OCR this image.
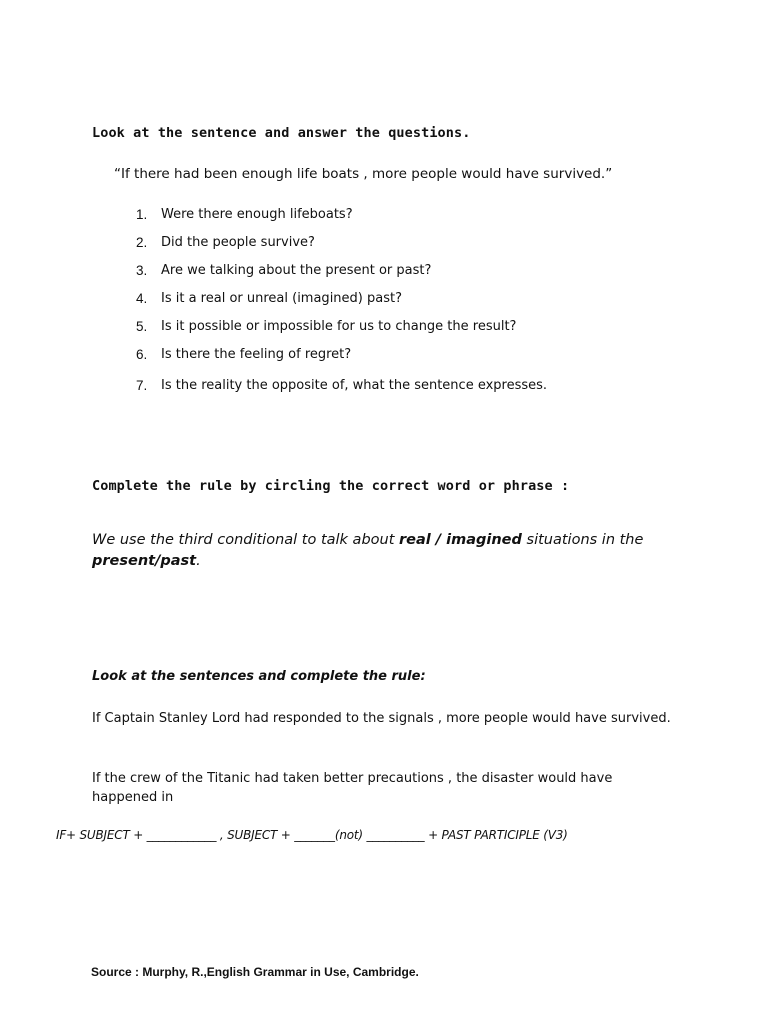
Look at the sentence and answer the questions.
“If there had been enough life boats , more people would have survived.”
1.	Were there enough lifeboats?
2.	Did the people survive?
3.	Are we talking about the present or past?
4.	Is it a real or unreal (imagined) past?
5.	Is it possible or impossible for us to change the result?
6.	Is there the feeling of regret?
7.	Is the reality the opposite of, what the sentence expresses.
Complete the rule by circling the correct word or phrase :
We use the third conditional to talk about real / imagined situations in the
present/past.
Look at the sentences and complete the rule:
If Captain Stanley Lord had responded to the signals , more people would have survived.
If the crew of the Titanic had taken better precautions , the disaster would have happened in
IF+ SUBJECT + ____________ , SUBJECT + _______(not) __________ + PAST PARTICIPLE (V3)
Source : Murphy, R.,English Grammar in Use, Cambridge.
